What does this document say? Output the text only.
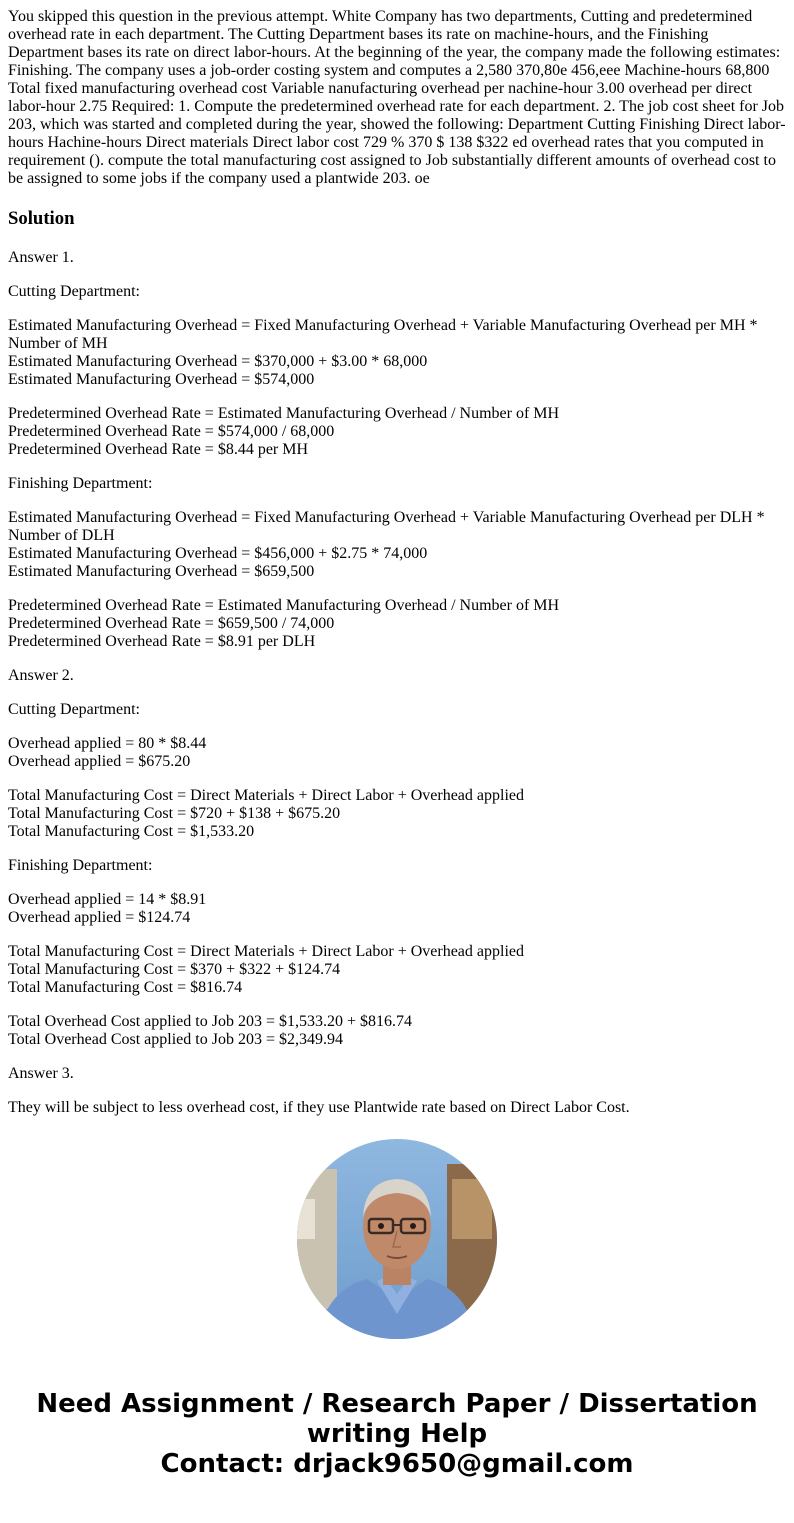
You skipped this question in the previous attempt. White Company has two departments, Cutting and predetermined overhead rate in each department. The Cutting Department bases its rate on machine-hours, and the Finishing Department bases its rate on direct labor-hours. At the beginning of the year, the company made the following estimates: Finishing. The company uses a job-order costing system and computes a 2,580 370,80e 456,eee Machine-hours 68,800 Total fixed manufacturing overhead cost Variable nanufacturing overhead per nachine-hour 3.00 overhead per direct labor-hour 2.75 Required: 1. Compute the predetermined overhead rate for each department. 2. The job cost sheet for Job 203, which was started and completed during the year, showed the following: Department Cutting Finishing Direct labor-hours Hachine-hours Direct materials Direct labor cost 729 % 370 $ 138 $322 ed overhead rates that you computed in requirement (). compute the total manufacturing cost assigned to Job substantially different amounts of overhead cost to be assigned to some jobs if the company used a plantwide 203. oe

Solution

Answer 1.

Cutting Department:

Estimated Manufacturing Overhead = Fixed Manufacturing Overhead + Variable Manufacturing Overhead per MH * Number of MH
Estimated Manufacturing Overhead = $370,000 + $3.00 * 68,000
Estimated Manufacturing Overhead = $574,000

Predetermined Overhead Rate = Estimated Manufacturing Overhead / Number of MH
Predetermined Overhead Rate = $574,000 / 68,000
Predetermined Overhead Rate = $8.44 per MH

Finishing Department:

Estimated Manufacturing Overhead = Fixed Manufacturing Overhead + Variable Manufacturing Overhead per DLH * Number of DLH
Estimated Manufacturing Overhead = $456,000 + $2.75 * 74,000
Estimated Manufacturing Overhead = $659,500

Predetermined Overhead Rate = Estimated Manufacturing Overhead / Number of MH
Predetermined Overhead Rate = $659,500 / 74,000
Predetermined Overhead Rate = $8.91 per DLH

Answer 2.

Cutting Department:

Overhead applied = 80 * $8.44
Overhead applied = $675.20

Total Manufacturing Cost = Direct Materials + Direct Labor + Overhead applied
Total Manufacturing Cost = $720 + $138 + $675.20
Total Manufacturing Cost = $1,533.20

Finishing Department:

Overhead applied = 14 * $8.91
Overhead applied = $124.74

Total Manufacturing Cost = Direct Materials + Direct Labor + Overhead applied
Total Manufacturing Cost = $370 + $322 + $124.74
Total Manufacturing Cost = $816.74

Total Overhead Cost applied to Job 203 = $1,533.20 + $816.74
Total Overhead Cost applied to Job 203 = $2,349.94

Answer 3.

They will be subject to less overhead cost, if they use Plantwide rate based on Direct Labor Cost.

Need Assignment / Research Paper / Dissertation
writing Help
Contact: drjack9650@gmail.com
